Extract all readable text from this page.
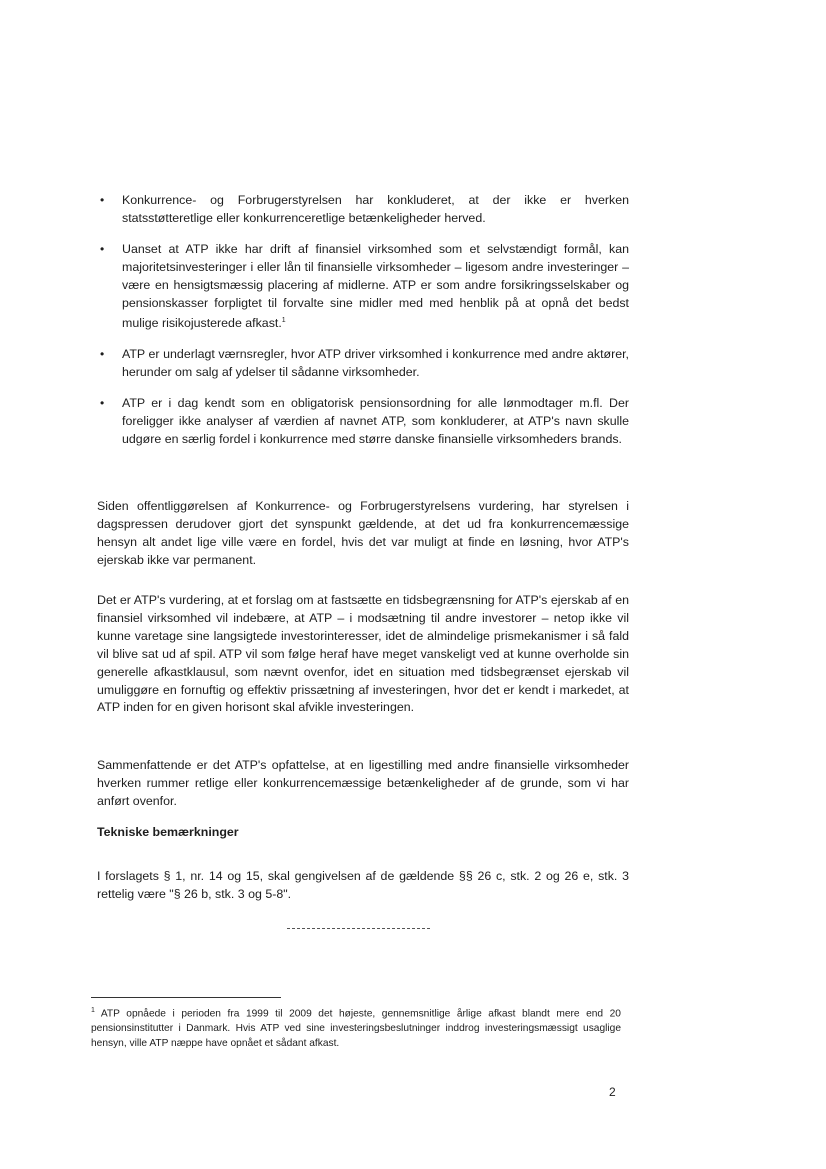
• Konkurrence- og Forbrugerstyrelsen har konkluderet, at der ikke er hverken statsstøtteretlige eller konkurrenceretlige betænkeligheder herved.
• Uanset at ATP ikke har drift af finansiel virksomhed som et selvstændigt formål, kan majoritetsinvesteringer i eller lån til finansielle virksomheder – ligesom andre investeringer – være en hensigtsmæssig placering af midlerne. ATP er som andre forsikringsselskaber og pensionskasser forpligtet til forvalte sine midler med med henblik på at opnå det bedst mulige risikojusterede afkast.$^1$
• ATP er underlagt værnsregler, hvor ATP driver virksomhed i konkurrence med andre aktører, herunder om salg af ydelser til sådanne virksomheder.
• ATP er i dag kendt som en obligatorisk pensionsordning for alle lønmodtager m.fl. Der foreligger ikke analyser af værdien af navnet ATP, som konkluderer, at ATP's navn skulle udgøre en særlig fordel i konkurrence med større danske finansielle virksomheders brands.

Siden offentliggørelsen af Konkurrence- og Forbrugerstyrelsens vurdering, har styrelsen i dagspressen derudover gjort det synspunkt gældende, at det ud fra konkurrencemæssige hensyn alt andet lige ville være en fordel, hvis det var muligt at finde en løsning, hvor ATP's ejerskab ikke var permanent.

Det er ATP's vurdering, at et forslag om at fastsætte en tidsbegrænsning for ATP's ejerskab af en finansiel virksomhed vil indebære, at ATP – i modsætning til andre investorer – netop ikke vil kunne varetage sine langsigtede investorinteresser, idet de almindelige prismekanismer i så fald vil blive sat ud af spil. ATP vil som følge heraf have meget vanskeligt ved at kunne overholde sin generelle afkastklausul, som nævnt ovenfor, idet en situation med tidsbegrænset ejerskab vil umuliggøre en fornuftig og effektiv prissætning af investeringen, hvor det er kendt i markedet, at ATP inden for en given horisont skal afvikle investeringen.

Sammenfattende er det ATP's opfattelse, at en ligestilling med andre finansielle virksomheder hverken rummer retlige eller konkurrencemæssige betænkeligheder af de grunde, som vi har anført ovenfor.

Tekniske bemærkninger

I forslagets § 1, nr. 14 og 15, skal gengivelsen af de gældende §§ 26 c, stk. 2 og 26 e, stk. 3 rettelig være "§ 26 b, stk. 3 og 5-8".

$^1$ ATP opnåede i perioden fra 1999 til 2009 det højeste, gennemsnitlige årlige afkast blandt mere end 20 pensionsinstitutter i Danmark. Hvis ATP ved sine investeringsbeslutninger inddrog investeringsmæssigt usaglige hensyn, ville ATP næppe have opnået et sådant afkast.

2
